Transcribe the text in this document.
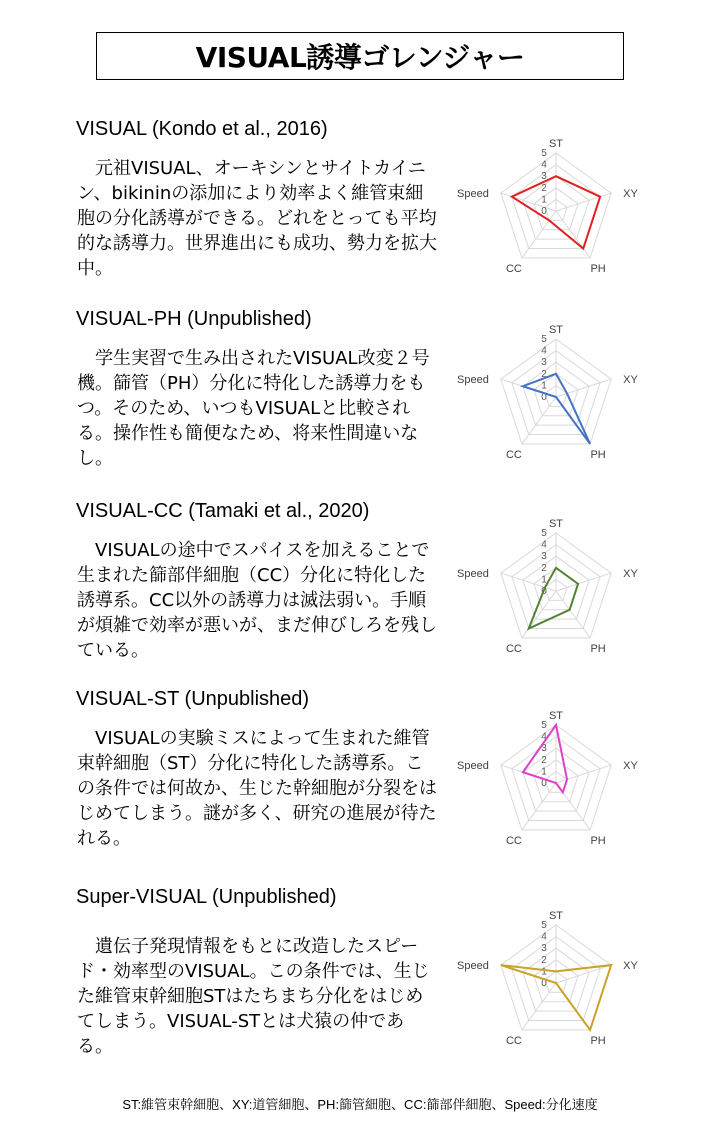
VISUAL誘導ゴレンジャー
VISUAL (Kondo et al., 2016)
元祖VISUAL、オーキシンとサイトカイニン、bikininの添加により効率よく維管束細胞の分化誘導ができる。どれをとっても平均的な誘導力。世界進出にも成功、勢力を拡大中。
0
1
2
3
4
5
ST
XY
PH
CC
Speed
VISUAL-PH (Unpublished)
学生実習で生み出されたVISUAL改変２号機。篩管（PH）分化に特化した誘導力をもつ。そのため、いつもVISUALと比較される。操作性も簡便なため、将来性間違いなし。
0
1
2
3
4
5
ST
XY
PH
CC
Speed
VISUAL-CC (Tamaki et al., 2020)
VISUALの途中でスパイスを加えることで生まれた篩部伴細胞（CC）分化に特化した誘導系。CC以外の誘導力は滅法弱い。手順が煩雑で効率が悪いが、まだ伸びしろを残している。
0
1
2
3
4
5
ST
XY
PH
CC
Speed
VISUAL-ST (Unpublished)
VISUALの実験ミスによって生まれた維管束幹細胞（ST）分化に特化した誘導系。この条件では何故か、生じた幹細胞が分裂をはじめてしまう。謎が多く、研究の進展が待たれる。
0
1
2
3
4
5
ST
XY
PH
CC
Speed
Super-VISUAL (Unpublished)
遺伝子発現情報をもとに改造したスピード・効率型のVISUAL。この条件では、生じた維管束幹細胞STはたちまち分化をはじめてしまう。VISUAL-STとは犬猿の仲である。
0
1
2
3
4
5
ST
XY
PH
CC
Speed
ST:維管束幹細胞、XY:道管細胞、PH:篩管細胞、CC:篩部伴細胞、Speed:分化速度
